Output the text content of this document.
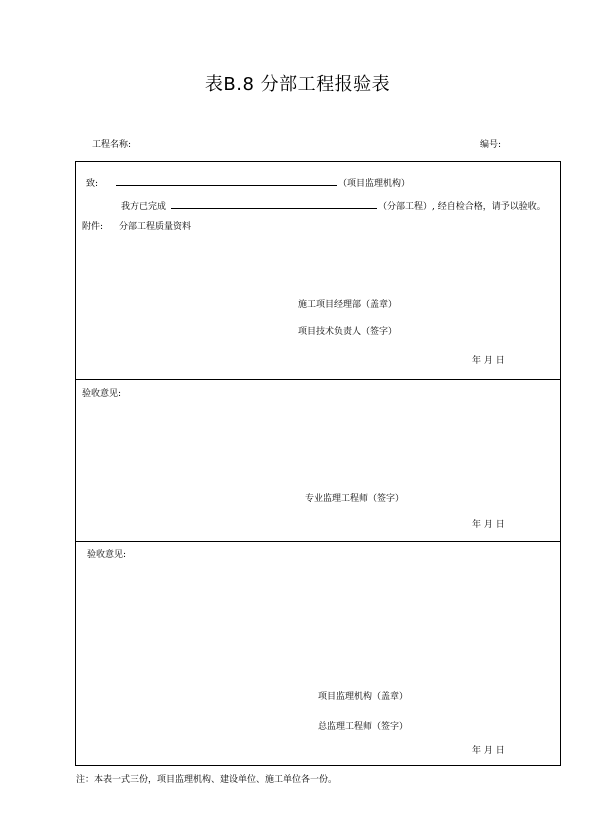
表B.8 分部工程报验表
工程名称:	编号:
致:	（项目监理机构）
我方已完成	（分部工程）, 经自检合格，请予以验收。
附件: 分部工程质量资料
施工项目经理部（盖章）
项目技术负责人（签字）
年 月 日
验收意见:
专业监理工程师（签字）
年 月 日
验收意见:
项目监理机构（盖章）
总监理工程师（签字）
年 月 日
注：本表一式三份，项目监理机构、建设单位、施工单位各一份。
